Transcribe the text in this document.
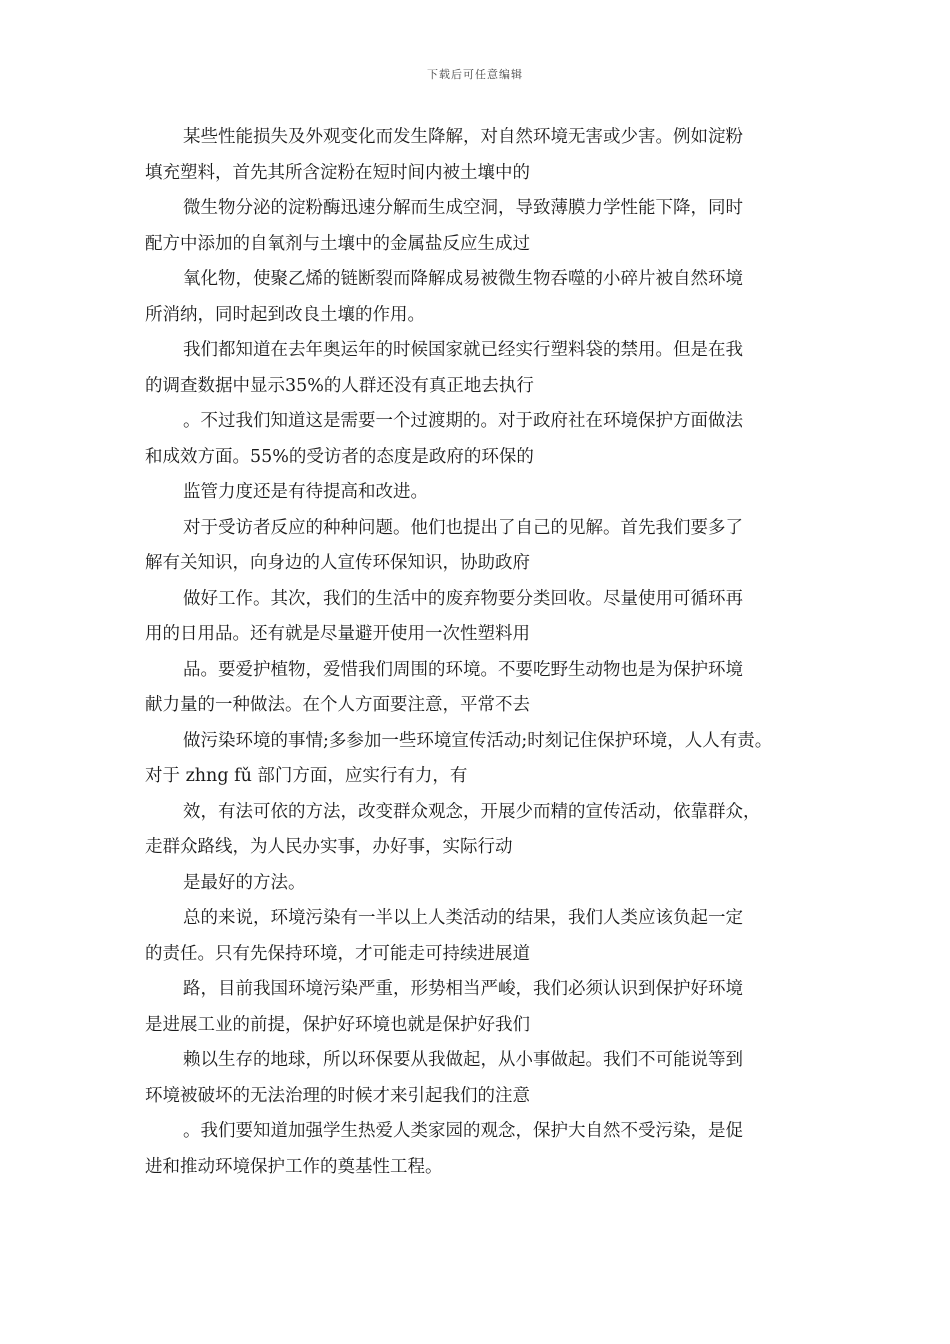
下载后可任意编辑

某些性能损失及外观变化而发生降解，对自然环境无害或少害。例如淀粉
填充塑料，首先其所含淀粉在短时间内被土壤中的

微生物分泌的淀粉酶迅速分解而生成空洞，导致薄膜力学性能下降，同时
配方中添加的自氧剂与土壤中的金属盐反应生成过

氧化物，使聚乙烯的链断裂而降解成易被微生物吞噬的小碎片被自然环境
所消纳，同时起到改良土壤的作用。

我们都知道在去年奥运年的时候国家就已经实行塑料袋的禁用。但是在我
的调查数据中显示35%的人群还没有真正地去执行

。不过我们知道这是需要一个过渡期的。对于政府社在环境保护方面做法
和成效方面。55%的受访者的态度是政府的环保的

监管力度还是有待提高和改进。

对于受访者反应的种种问题。他们也提出了自己的见解。首先我们要多了
解有关知识，向身边的人宣传环保知识，协助政府

做好工作。其次，我们的生活中的废弃物要分类回收。尽量使用可循环再
用的日用品。还有就是尽量避开使用一次性塑料用

品。要爱护植物，爱惜我们周围的环境。不要吃野生动物也是为保护环境
献力量的一种做法。在个人方面要注意，平常不去

做污染环境的事情;多参加一些环境宣传活动;时刻记住保护环境，人人有责。
对于 zhng fǔ 部门方面，应实行有力，有

效，有法可依的方法，改变群众观念，开展少而精的宣传活动，依靠群众，
走群众路线，为人民办实事，办好事，实际行动

是最好的方法。

总的来说，环境污染有一半以上人类活动的结果，我们人类应该负起一定
的责任。只有先保持环境，才可能走可持续进展道

路，目前我国环境污染严重，形势相当严峻，我们必须认识到保护好环境
是进展工业的前提，保护好环境也就是保护好我们

赖以生存的地球，所以环保要从我做起，从小事做起。我们不可能说等到
环境被破坏的无法治理的时候才来引起我们的注意

。我们要知道加强学生热爱人类家园的观念，保护大自然不受污染，是促
进和推动环境保护工作的奠基性工程。
